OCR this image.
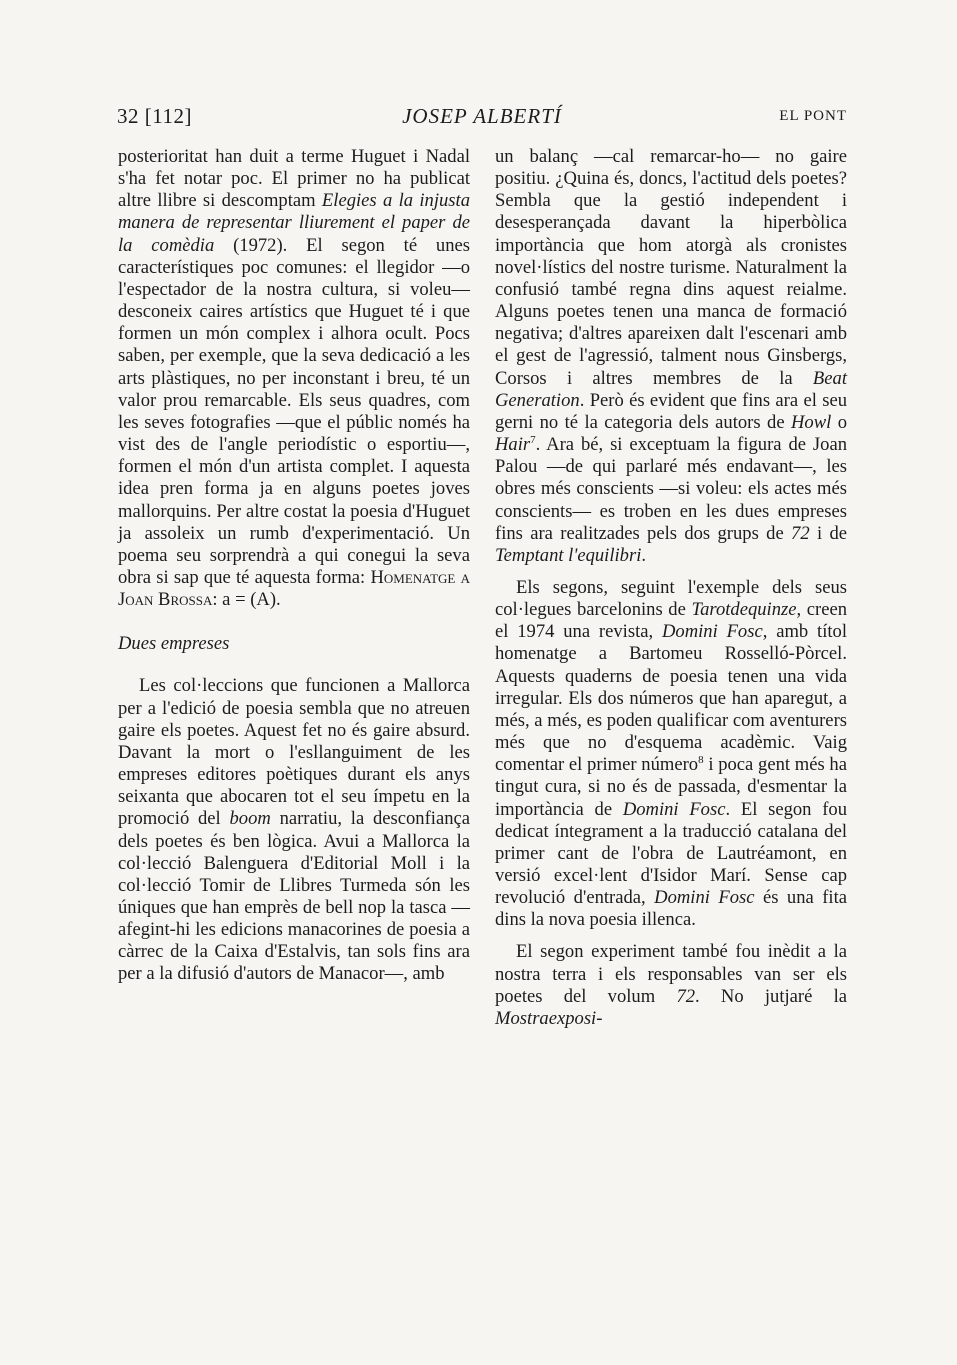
32 [112]	JOSEP ALBERTÍ	EL PONT

posterioritat han duit a terme Huguet i Nadal s'ha fet notar poc. El primer no ha publicat altre llibre si descomptam Elegies a la injusta manera de representar lliurement el paper de la comèdia (1972). El segon té unes característiques poc comunes: el llegidor —o l'espectador de la nostra cultura, si voleu— desconeix caires artístics que Huguet té i que formen un món complex i alhora ocult. Pocs saben, per exemple, que la seva dedicació a les arts plàstiques, no per inconstant i breu, té un valor prou remarcable. Els seus quadres, com les seves fotografies —que el públic només ha vist des de l'angle periodístic o esportiu—, formen el món d'un artista complet. I aquesta idea pren forma ja en alguns poetes joves mallorquins. Per altre costat la poesia d'Huguet ja assoleix un rumb d'experimentació. Un poema seu sorprendrà a qui conegui la seva obra si sap que té aquesta forma: Homenatge a Joan Brossa: a = (A).

Dues empreses

Les col·leccions que funcionen a Mallorca per a l'edició de poesia sembla que no atreuen gaire els poetes. Aquest fet no és gaire absurd. Davant la mort o l'esllanguiment de les empreses editores poètiques durant els anys seixanta que abocaren tot el seu ímpetu en la promoció del boom narratiu, la desconfiança dels poetes és ben lògica. Avui a Mallorca la col·lecció Balenguera d'Editorial Moll i la col·lecció Tomir de Llibres Turmeda són les úniques que han emprès de bell nop la tasca —afegint-hi les edicions manacorines de poesia a càrrec de la Caixa d'Estalvis, tan sols fins ara per a la difusió d'autors de Manacor—, amb

un balanç —cal remarcar-ho— no gaire positiu. ¿Quina és, doncs, l'actitud dels poetes? Sembla que la gestió independent i desesperançada davant la hiperbòlica importància que hom atorgà als cronistes novel·lístics del nostre turisme. Naturalment la confusió també regna dins aquest reialme. Alguns poetes tenen una manca de formació negativa; d'altres apareixen dalt l'escenari amb el gest de l'agressió, talment nous Ginsbergs, Corsos i altres membres de la Beat Generation. Però és evident que fins ara el seu gerni no té la categoria dels autors de Howl o Hair$^7$. Ara bé, si exceptuam la figura de Joan Palou —de qui parlaré més endavant—, les obres més conscients —si voleu: els actes més conscients— es troben en les dues empreses fins ara realitzades pels dos grups de 72 i de Temptant l'equilibri.

Els segons, seguint l'exemple dels seus col·legues barcelonins de Tarotdequinze, creen el 1974 una revista, Domini Fosc, amb títol homenatge a Bartomeu Rosselló-Pòrcel. Aquests quaderns de poesia tenen una vida irregular. Els dos números que han aparegut, a més, a més, es poden qualificar com aventurers més que no d'esquema acadèmic. Vaig comentar el primer número$^8$ i poca gent més ha tingut cura, si no és de passada, d'esmentar la importància de Domini Fosc. El segon fou dedicat íntegrament a la traducció catalana del primer cant de l'obra de Lautréamont, en versió excel·lent d'Isidor Marí. Sense cap revolució d'entrada, Domini Fosc és una fita dins la nova poesia illenca.

El segon experiment també fou inèdit a la nostra terra i els responsables van ser els poetes del volum 72. No jutjaré la Mostraexposi-
